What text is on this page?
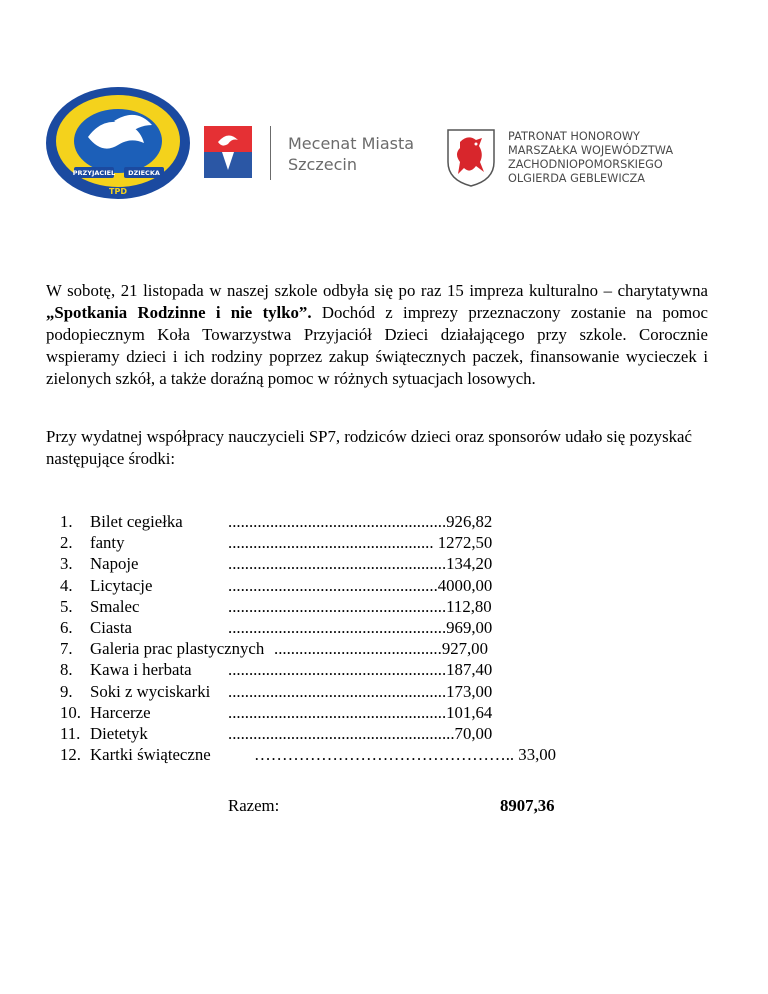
PRZYJACIEL DZIECKA
TPD
Mecenat Miasta
Szczecin
PATRONAT HONOROWY
MARSZAŁKA WOJEWÓDZTWA
ZACHODNIOPOMORSKIEGO
OLGIERDA GEBLEWICZA
W sobotę, 21 listopada w naszej szkole odbyła się po raz 15 impreza kulturalno – charytatywna „Spotkania Rodzinne i nie tylko”. Dochód z imprezy przeznaczony zostanie na pomoc podopiecznym Koła Towarzystwa Przyjaciół Dzieci działającego przy szkole. Corocznie wspieramy dzieci i ich rodziny poprzez zakup świątecznych paczek, finansowanie wycieczek i zielonych szkół, a także doraźną pomoc w różnych sytuacjach losowych.
Przy wydatnej współpracy nauczycieli SP7, rodziców dzieci oraz sponsorów udało się pozyskać następujące środki:
1. Bilet cegiełka	....................................................926,82
2. fanty	................................................. 1272,50
3. Napoje	....................................................134,20
4. Licytacje	..................................................4000,00
5. Smalec	....................................................112,80
6. Ciasta	....................................................969,00
7. Galeria prac plastycznych ........................................927,00
8. Kawa i herbata ....................................................187,40
9. Soki z wyciskarki ....................................................173,00
10. Harcerze	....................................................101,64
11. Dietetyk	......................................................70,00
12. Kartki świąteczne	……………………………………….. 33,00
Razem:	8907,36
